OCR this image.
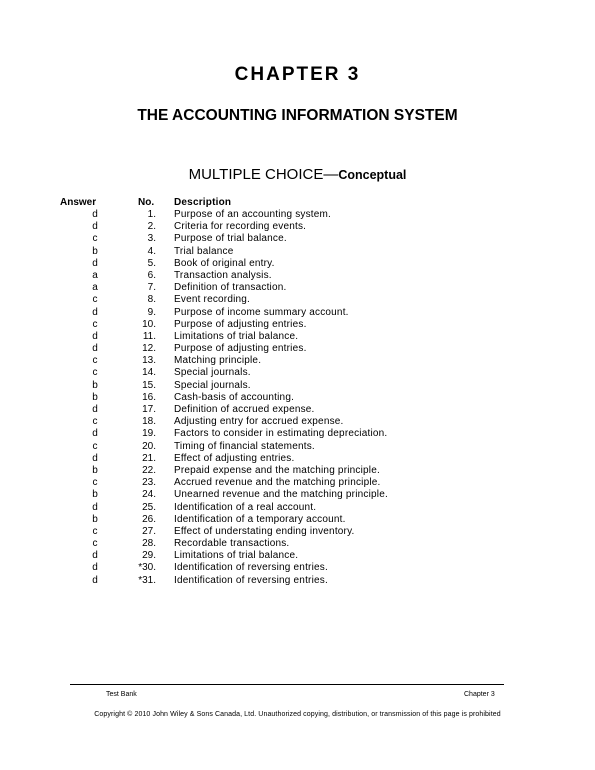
CHAPTER 3
THE ACCOUNTING INFORMATION SYSTEM
MULTIPLE CHOICE—Conceptual
Answer	No. Description
d	1. Purpose of an accounting system.
d	2. Criteria for recording events.
c	3. Purpose of trial balance.
b	4. Trial balance
d	5. Book of original entry.
a	6. Transaction analysis.
a	7. Definition of transaction.
c	8. Event recording.
d	9. Purpose of income summary account.
c	10. Purpose of adjusting entries.
d	11. Limitations of trial balance.
d	12. Purpose of adjusting entries.
c	13. Matching principle.
c	14. Special journals.
b	15. Special journals.
b	16. Cash-basis of accounting.
d	17. Definition of accrued expense.
c	18. Adjusting entry for accrued expense.
d	19. Factors to consider in estimating depreciation.
c	20. Timing of financial statements.
d	21. Effect of adjusting entries.
b	22. Prepaid expense and the matching principle.
c	23. Accrued revenue and the matching principle.
b	24. Unearned revenue and the matching principle.
d	25. Identification of a real account.
b	26. Identification of a temporary account.
c	27. Effect of understating ending inventory.
c	28. Recordable transactions.
d	29. Limitations of trial balance.
d	*30. Identification of reversing entries.
d	*31. Identification of reversing entries.
Test Bank	Chapter 3
Copyright © 2010 John Wiley & Sons Canada, Ltd. Unauthorized copying, distribution, or transmission of this page is prohibited
